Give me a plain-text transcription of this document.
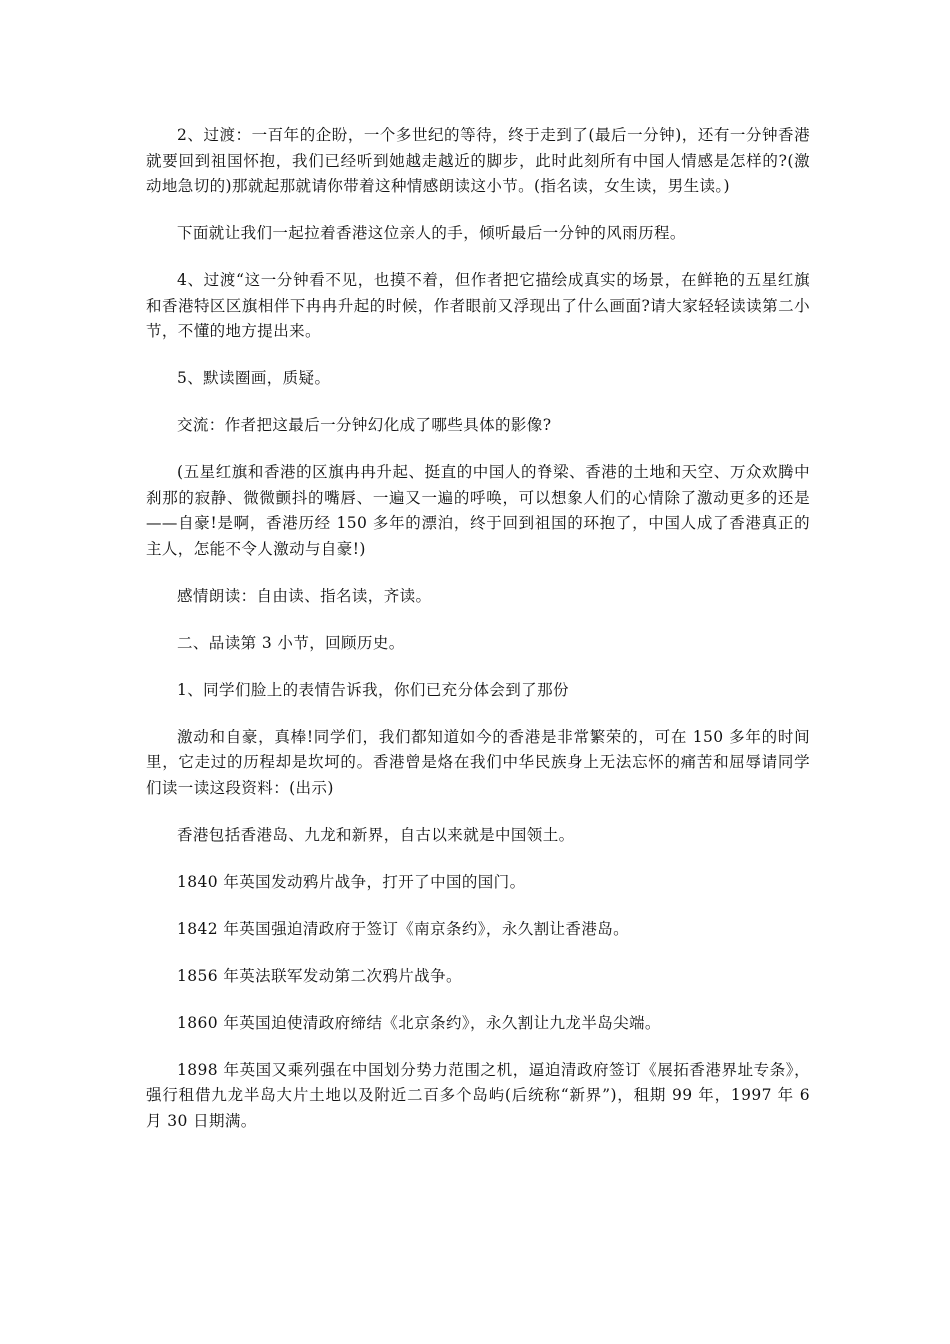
2、过渡：一百年的企盼，一个多世纪的等待，终于走到了(最后一分钟)，还有一分钟香港就要回到祖国怀抱，我们已经听到她越走越近的脚步，此时此刻所有中国人情感是怎样的?(激动地急切的)那就起那就请你带着这种情感朗读这小节。(指名读，女生读，男生读。)

下面就让我们一起拉着香港这位亲人的手，倾听最后一分钟的风雨历程。

4、过渡“这一分钟看不见，也摸不着，但作者把它描绘成真实的场景，在鲜艳的五星红旗和香港特区区旗相伴下冉冉升起的时候，作者眼前又浮现出了什么画面?请大家轻轻读读第二小节，不懂的地方提出来。

5、默读圈画，质疑。

交流：作者把这最后一分钟幻化成了哪些具体的影像?

(五星红旗和香港的区旗冉冉升起、挺直的中国人的脊梁、香港的土地和天空、万众欢腾中刹那的寂静、微微颤抖的嘴唇、一遍又一遍的呼唤，可以想象人们的心情除了激动更多的还是——自豪!是啊，香港历经 150 多年的漂泊，终于回到祖国的环抱了，中国人成了香港真正的主人，怎能不令人激动与自豪!)

感情朗读：自由读、指名读，齐读。

二、品读第 3 小节，回顾历史。

1、同学们脸上的表情告诉我，你们已充分体会到了那份

激动和自豪，真棒!同学们，我们都知道如今的香港是非常繁荣的，可在 150 多年的时间里，它走过的历程却是坎坷的。香港曾是烙在我们中华民族身上无法忘怀的痛苦和屈辱请同学们读一读这段资料：(出示)

香港包括香港岛、九龙和新界，自古以来就是中国领土。

1840 年英国发动鸦片战争，打开了中国的国门。

1842 年英国强迫清政府于签订《南京条约》，永久割让香港岛。

1856 年英法联军发动第二次鸦片战争。

1860 年英国迫使清政府缔结《北京条约》，永久割让九龙半岛尖端。

1898 年英国又乘列强在中国划分势力范围之机，逼迫清政府签订《展拓香港界址专条》，强行租借九龙半岛大片土地以及附近二百多个岛屿(后统称“新界”)，租期 99 年，1997 年 6 月 30 日期满。
